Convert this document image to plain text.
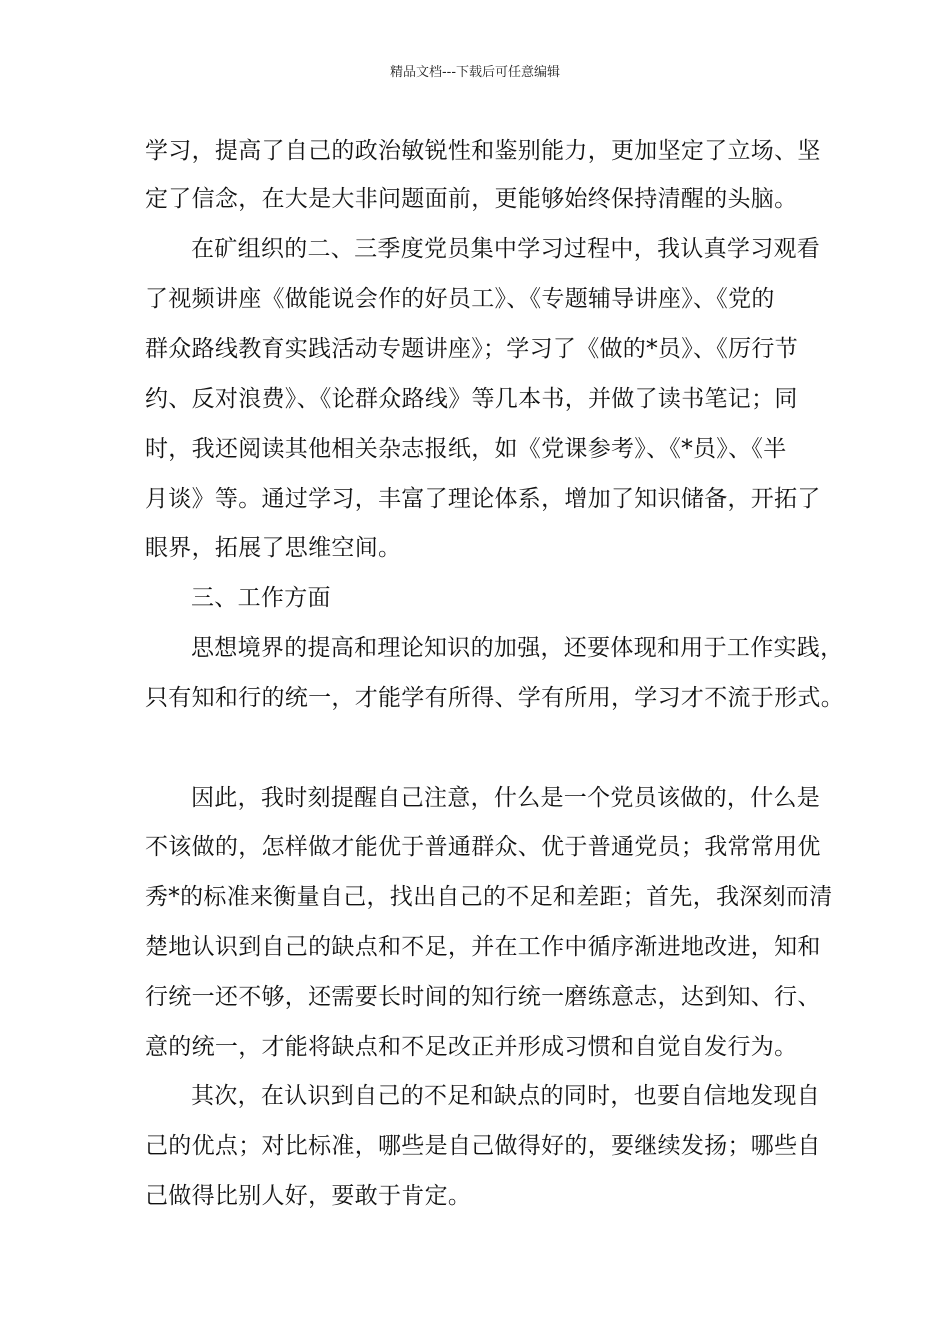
精品文档---下载后可任意编辑
学习，提高了自己的政治敏锐性和鉴别能力，更加坚定了立场、坚
定了信念，在大是大非问题面前，更能够始终保持清醒的头脑。
在矿组织的二、三季度党员集中学习过程中，我认真学习观看
了视频讲座《做能说会作的好员工》、《专题辅导讲座》、《党的
群众路线教育实践活动专题讲座》；学习了《做的*员》、《厉行节
约、反对浪费》、《论群众路线》等几本书，并做了读书笔记；同
时，我还阅读其他相关杂志报纸，如《党课参考》、《*员》、《半
月谈》等。通过学习，丰富了理论体系，增加了知识储备，开拓了
眼界，拓展了思维空间。
三、工作方面
思想境界的提高和理论知识的加强，还要体现和用于工作实践，
只有知和行的统一，才能学有所得、学有所用，学习才不流于形式。
因此，我时刻提醒自己注意，什么是一个党员该做的，什么是
不该做的，怎样做才能优于普通群众、优于普通党员；我常常用优
秀*的标准来衡量自己，找出自己的不足和差距；首先，我深刻而清
楚地认识到自己的缺点和不足，并在工作中循序渐进地改进，知和
行统一还不够，还需要长时间的知行统一磨练意志，达到知、行、
意的统一，才能将缺点和不足改正并形成习惯和自觉自发行为。
其次，在认识到自己的不足和缺点的同时，也要自信地发现自
己的优点；对比标准，哪些是自己做得好的，要继续发扬；哪些自
己做得比别人好，要敢于肯定。
